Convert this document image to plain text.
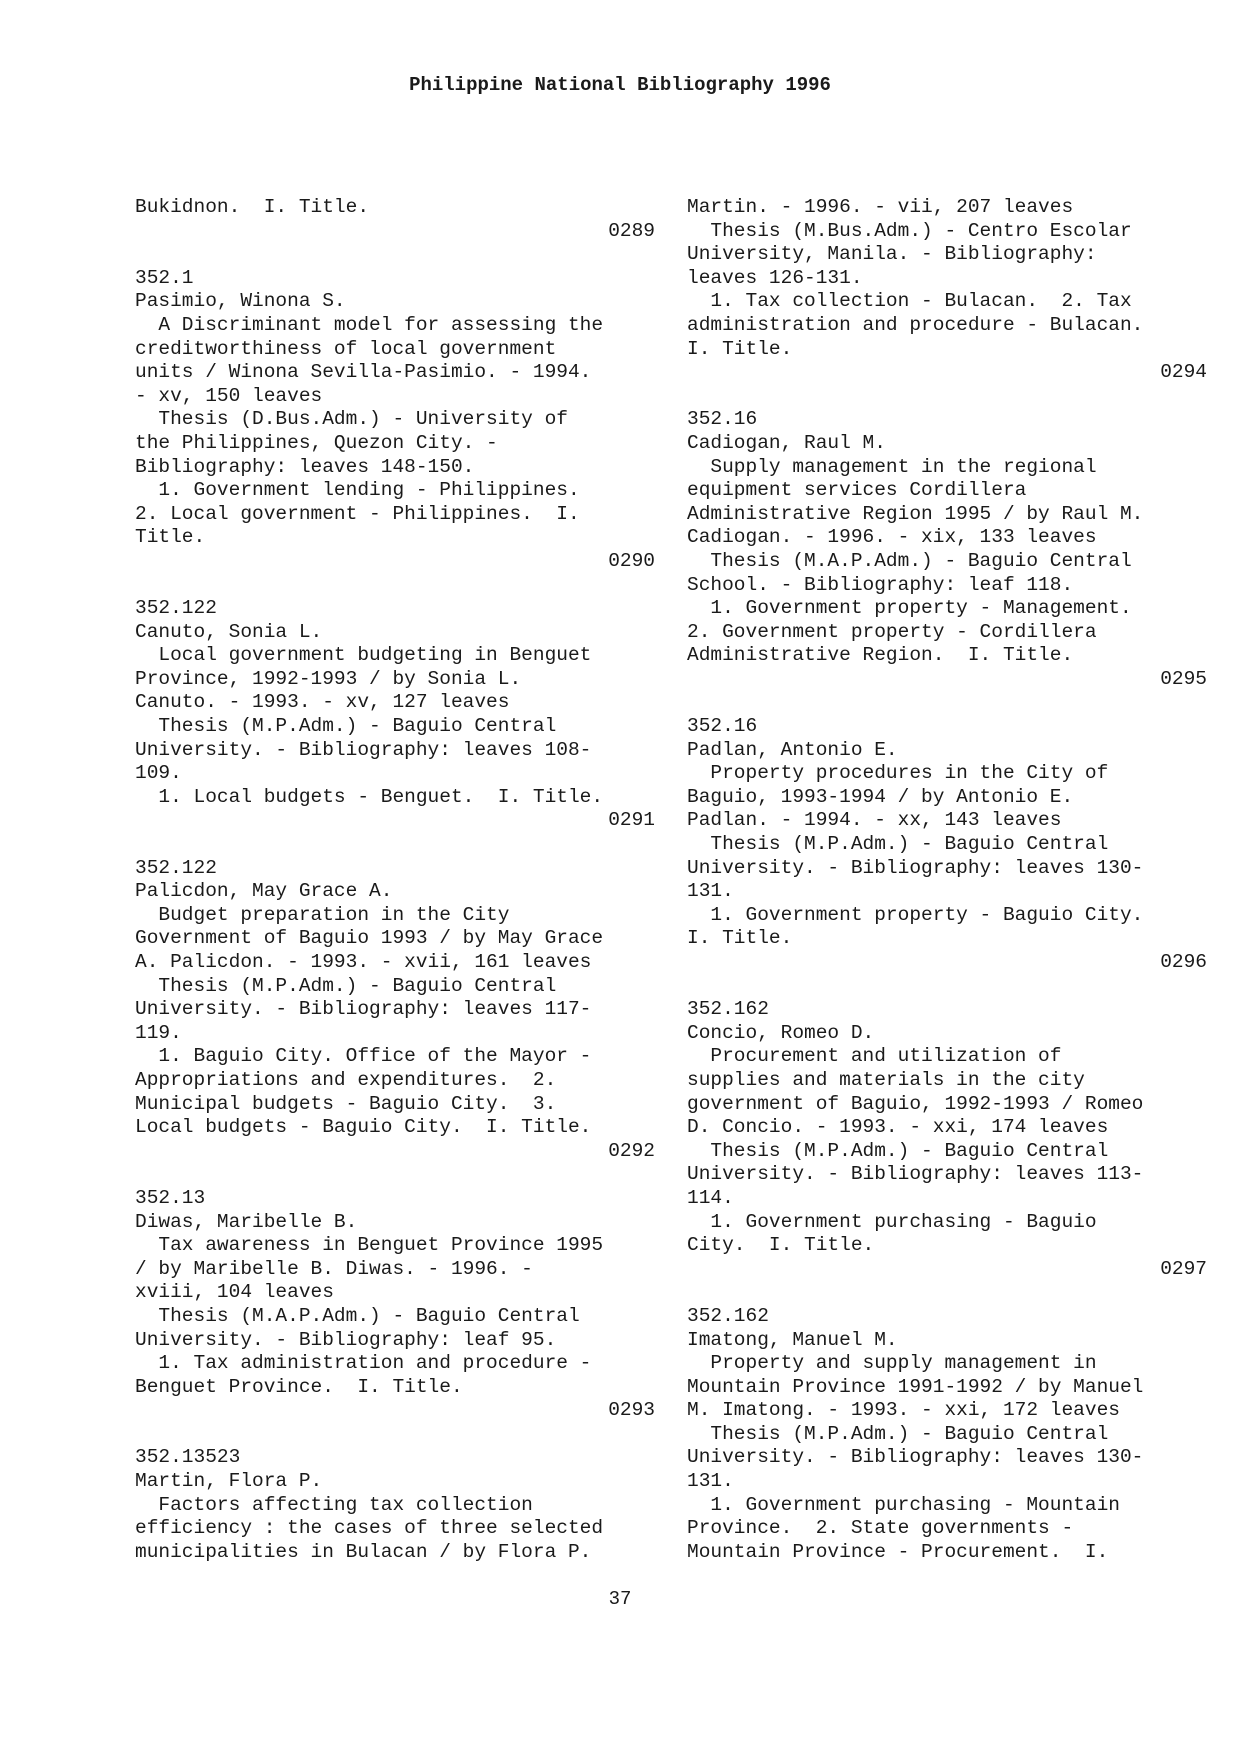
Philippine National Bibliography 1996
Bukidnon.  I. Title.
0289
352.1
Pasimio, Winona S.
A Discriminant model for assessing the
creditworthiness of local government
units / Winona Sevilla-Pasimio. - 1994.
- xv, 150 leaves
Thesis (D.Bus.Adm.) - University of
the Philippines, Quezon City. -
Bibliography: leaves 148-150.
1. Government lending - Philippines.
2. Local government - Philippines.  I.
Title.
0290
352.122
Canuto, Sonia L.
Local government budgeting in Benguet
Province, 1992-1993 / by Sonia L.
Canuto. - 1993. - xv, 127 leaves
Thesis (M.P.Adm.) - Baguio Central
University. - Bibliography: leaves 108-
109.
1. Local budgets - Benguet.  I. Title.
0291
352.122
Palicdon, May Grace A.
Budget preparation in the City
Government of Baguio 1993 / by May Grace
A. Palicdon. - 1993. - xvii, 161 leaves
Thesis (M.P.Adm.) - Baguio Central
University. - Bibliography: leaves 117-
119.
1. Baguio City. Office of the Mayor -
Appropriations and expenditures.  2.
Municipal budgets - Baguio City.  3.
Local budgets - Baguio City.  I. Title.
0292
352.13
Diwas, Maribelle B.
Tax awareness in Benguet Province 1995
/ by Maribelle B. Diwas. - 1996. -
xviii, 104 leaves
Thesis (M.A.P.Adm.) - Baguio Central
University. - Bibliography: leaf 95.
1. Tax administration and procedure -
Benguet Province.  I. Title.
0293
352.13523
Martin, Flora P.
Factors affecting tax collection
efficiency : the cases of three selected
municipalities in Bulacan / by Flora P.
Martin. - 1996. - vii, 207 leaves
Thesis (M.Bus.Adm.) - Centro Escolar
University, Manila. - Bibliography:
leaves 126-131.
1. Tax collection - Bulacan.  2. Tax
administration and procedure - Bulacan.
I. Title.
0294
352.16
Cadiogan, Raul M.
Supply management in the regional
equipment services Cordillera
Administrative Region 1995 / by Raul M.
Cadiogan. - 1996. - xix, 133 leaves
Thesis (M.A.P.Adm.) - Baguio Central
School. - Bibliography: leaf 118.
1. Government property - Management.
2. Government property - Cordillera
Administrative Region.  I. Title.
0295
352.16
Padlan, Antonio E.
Property procedures in the City of
Baguio, 1993-1994 / by Antonio E.
Padlan. - 1994. - xx, 143 leaves
Thesis (M.P.Adm.) - Baguio Central
University. - Bibliography: leaves 130-
131.
1. Government property - Baguio City.
I. Title.
0296
352.162
Concio, Romeo D.
Procurement and utilization of
supplies and materials in the city
government of Baguio, 1992-1993 / Romeo
D. Concio. - 1993. - xxi, 174 leaves
Thesis (M.P.Adm.) - Baguio Central
University. - Bibliography: leaves 113-
114.
1. Government purchasing - Baguio
City.  I. Title.
0297
352.162
Imatong, Manuel M.
Property and supply management in
Mountain Province 1991-1992 / by Manuel
M. Imatong. - 1993. - xxi, 172 leaves
Thesis (M.P.Adm.) - Baguio Central
University. - Bibliography: leaves 130-
131.
1. Government purchasing - Mountain
Province.  2. State governments -
Mountain Province - Procurement.  I.
37
